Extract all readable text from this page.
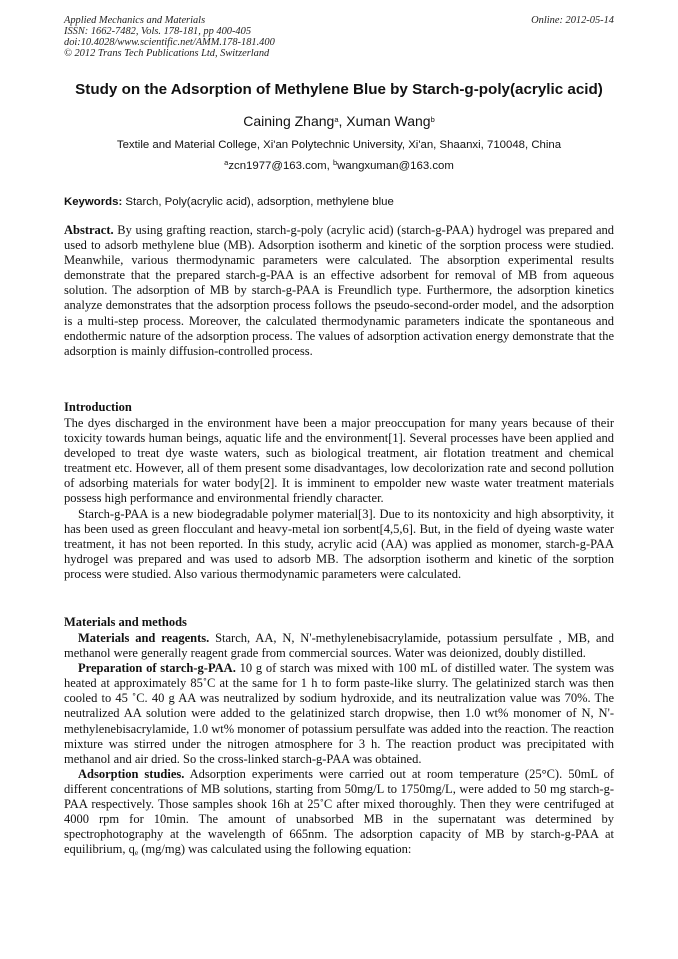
Applied Mechanics and Materials
ISSN: 1662-7482, Vols. 178-181, pp 400-405
doi:10.4028/www.scientific.net/AMM.178-181.400
© 2012 Trans Tech Publications Ltd, Switzerland
Online: 2012-05-14
Study on the Adsorption of Methylene Blue by Starch-g-poly(acrylic acid)
Caining Zhang$^a$, Xuman Wang$^b$
Textile and Material College, Xi'an Polytechnic University, Xi'an, Shaanxi, 710048, China
$^a$zcn1977@163.com, $^b$wangxuman@163.com
Keywords: Starch, Poly(acrylic acid), adsorption, methylene blue

Abstract. By using grafting reaction, starch-g-poly (acrylic acid) (starch-g-PAA) hydrogel was prepared and used to adsorb methylene blue (MB). Adsorption isotherm and kinetic of the sorption process were studied. Meanwhile, various thermodynamic parameters were calculated. The absorption experimental results demonstrate that the prepared starch-g-PAA is an effective adsorbent for removal of MB from aqueous solution. The adsorption of MB by starch-g-PAA is Freundlich type. Furthermore, the adsorption kinetics analyze demonstrates that the adsorption process follows the pseudo-second-order model, and the adsorption is a multi-step process. Moreover, the calculated thermodynamic parameters indicate the spontaneous and endothermic nature of the adsorption process. The values of adsorption activation energy demonstrate that the adsorption is mainly diffusion-controlled process.

Introduction

The dyes discharged in the environment have been a major preoccupation for many years because of their toxicity towards human beings, aquatic life and the environment[1]. Several processes have been applied and developed to treat dye waste waters, such as biological treatment, air flotation treatment and chemical treatment etc. However, all of them present some disadvantages, low decolorization rate and second pollution of adsorbing materials for water body[2]. It is imminent to empolder new waste water treatment materials possess high performance and environmental friendly character.

Starch-g-PAA is a new biodegradable polymer material[3]. Due to its nontoxicity and high absorptivity, it has been used as green flocculant and heavy-metal ion sorbent[4,5,6]. But, in the field of dyeing waste water treatment, it has not been reported. In this study, acrylic acid (AA) was applied as monomer, starch-g-PAA hydrogel was prepared and was used to adsorb MB. The adsorption isotherm and kinetic of the sorption process were studied. Also various thermodynamic parameters were calculated.

Materials and methods

Materials and reagents. Starch, AA, N, N'-methylenebisacrylamide, potassium persulfate , MB, and methanol were generally reagent grade from commercial sources. Water was deionized, doubly distilled.

Preparation of starch-g-PAA. 10 g of starch was mixed with 100 mL of distilled water. The system was heated at approximately 85˚C at the same for 1 h to form paste-like slurry. The gelatinized starch was then cooled to 45 ˚C. 40 g AA was neutralized by sodium hydroxide, and its neutralization value was 70%. The neutralized AA solution were added to the gelatinized starch dropwise, then 1.0 wt% monomer of N, N'-methylenebisacrylamide, 1.0 wt% monomer of potassium persulfate was added into the reaction. The reaction mixture was stirred under the nitrogen atmosphere for 3 h. The reaction product was precipitated with methanol and air dried. So the cross-linked starch-g-PAA was obtained.

Adsorption studies. Adsorption experiments were carried out at room temperature (25°C). 50mL of different concentrations of MB solutions, starting from 50mg/L to 1750mg/L, were added to 50 mg starch-g-PAA respectively. Those samples shook 16h at 25˚C after mixed thoroughly. Then they were centrifuged at 4000 rpm for 10min. The amount of unabsorbed MB in the supernatant was determined by spectrophotography at the wavelength of 665nm. The adsorption capacity of MB by starch-g-PAA at equilibrium, $q_e$ (mg/mg) was calculated using the following equation:
